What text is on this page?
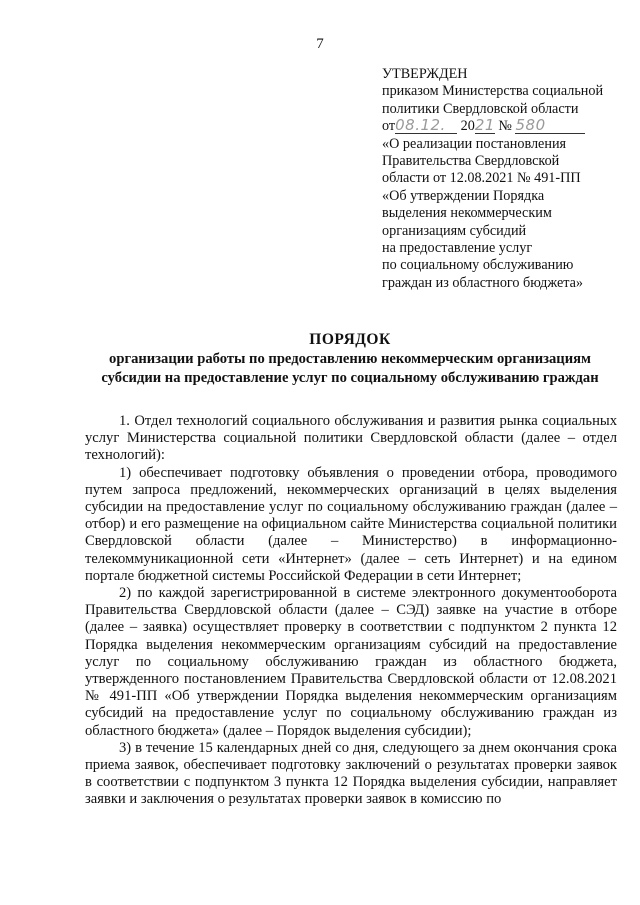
7
УТВЕРЖДЕН
приказом Министерства социальной
политики Свердловской области
от08.12. 2021 № 580
«О реализации постановления
Правительства Свердловской
области от 12.08.2021 № 491-ПП
«Об утверждении Порядка
выделения некоммерческим
организациям субсидий
на предоставление услуг
по социальному обслуживанию
граждан из областного бюджета»
ПОРЯДОК
организации работы по предоставлению некоммерческим организациям
субсидии на предоставление услуг по социальному обслуживанию граждан

1. Отдел технологий социального обслуживания и развития рынка социальных услуг Министерства социальной политики Свердловской области (далее – отдел технологий):

1) обеспечивает подготовку объявления о проведении отбора, проводимого путем запроса предложений, некоммерческих организаций в целях выделения субсидии на предоставление услуг по социальному обслуживанию граждан (далее – отбор) и его размещение на официальном сайте Министерства социальной политики Свердловской области (далее – Министерство) в информационно-телекоммуникационной сети «Интернет» (далее – сеть Интернет) и на едином портале бюджетной системы Российской Федерации в сети Интернет;

2) по каждой зарегистрированной в системе электронного документооборота Правительства Свердловской области (далее – СЭД) заявке на участие в отборе (далее – заявка) осуществляет проверку в соответствии с подпунктом 2 пункта 12 Порядка выделения некоммерческим организациям субсидий на предоставление услуг по социальному обслуживанию граждан из областного бюджета, утвержденного постановлением Правительства Свердловской области от 12.08.2021 № 491-ПП «Об утверждении Порядка выделения некоммерческим организациям субсидий на предоставление услуг по социальному обслуживанию граждан из областного бюджета» (далее – Порядок выделения субсидии);

3) в течение 15 календарных дней со дня, следующего за днем окончания срока приема заявок, обеспечивает подготовку заключений о результатах проверки заявок в соответствии с подпунктом 3 пункта 12 Порядка выделения субсидии, направляет заявки и заключения о результатах проверки заявок в комиссию по
